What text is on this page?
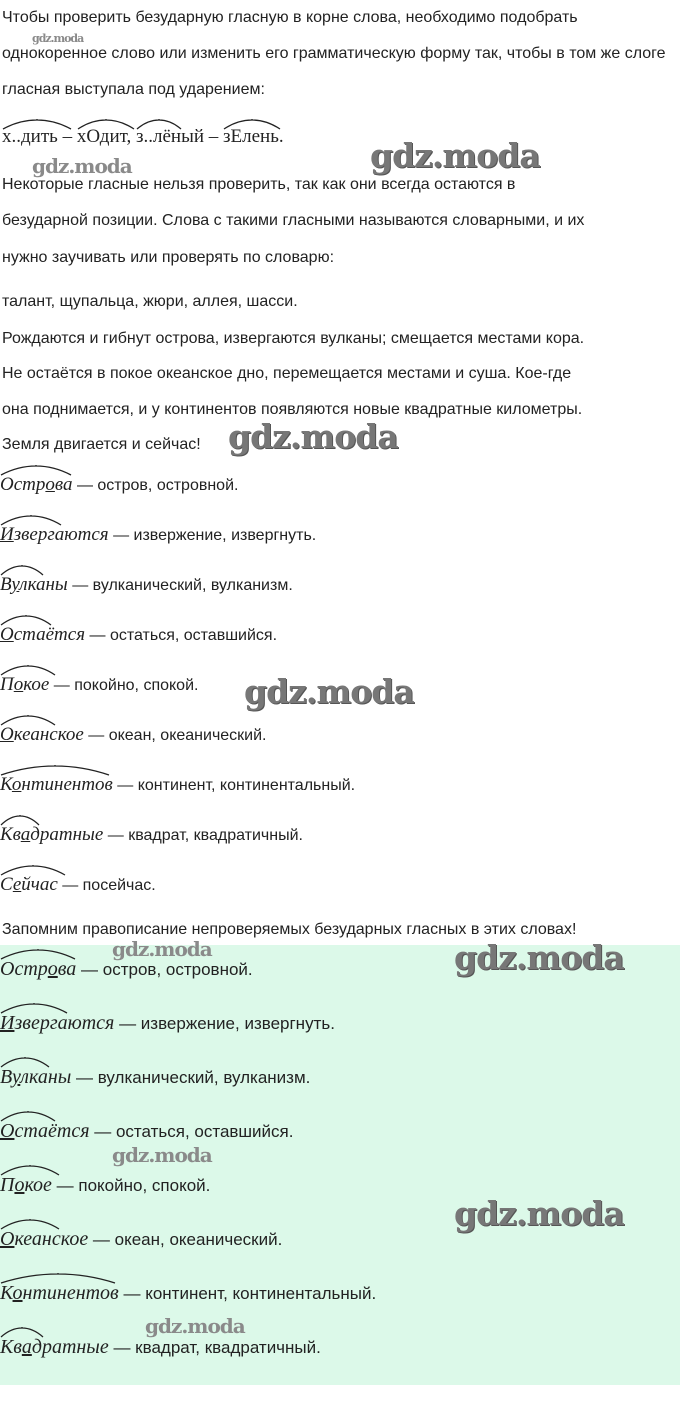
Чтобы проверить безударную гласную в корне слова, необходимо подобрать однокоренное слово или изменить его грамматическую форму так, чтобы в том же слоге гласная выступала под ударением:
х..дить
– хОдит, з..лёный
– зЕлень.
Некоторые гласные нельзя проверить, так как они всегда остаются в
безударной позиции. Слова с такими гласными называются словарными, и их
нужно заучивать или проверять по словарю:
талант, щупальца, жюри, аллея, шасси.
Рождаются и гибнут острова, извергаются вулканы; смещается местами кора.
Не остаётся в покое океанское дно, перемещается местами и суша. Кое-где
она поднимается, и у континентов появляются новые квадратные километры.
Земля двигается и сейчас!
Острова
— остров, островной.
Извергаются
— извержение, извергнуть.
Вулканы
— вулканический, вулканизм.
Остаётся
— остаться, оставшийся.
Покое
— покойно, спокой.
Океанское
— океан, океанический.
Континентов
— континент, континентальный.
Квадратные
— квадрат, квадратичный.
Сейчас
— посейчас.
Запомним правописание непроверяемых безударных гласных в этих словах!
Острова
— остров, островной.
Извергаются
— извержение, извергнуть.
Вулканы
— вулканический, вулканизм.
Остаётся
— остаться, оставшийся.
Покое
— покойно, спокой.
Океанское
— океан, океанический.
Континентов
— континент, континентальный.
Квадратные
— квадрат, квадратичный.
gdz.moda
gdz.moda	gdz.moda
gdz.moda
gdz.moda
gdz.moda	gdz.moda
gdz.moda
gdz.moda
gdz.moda
